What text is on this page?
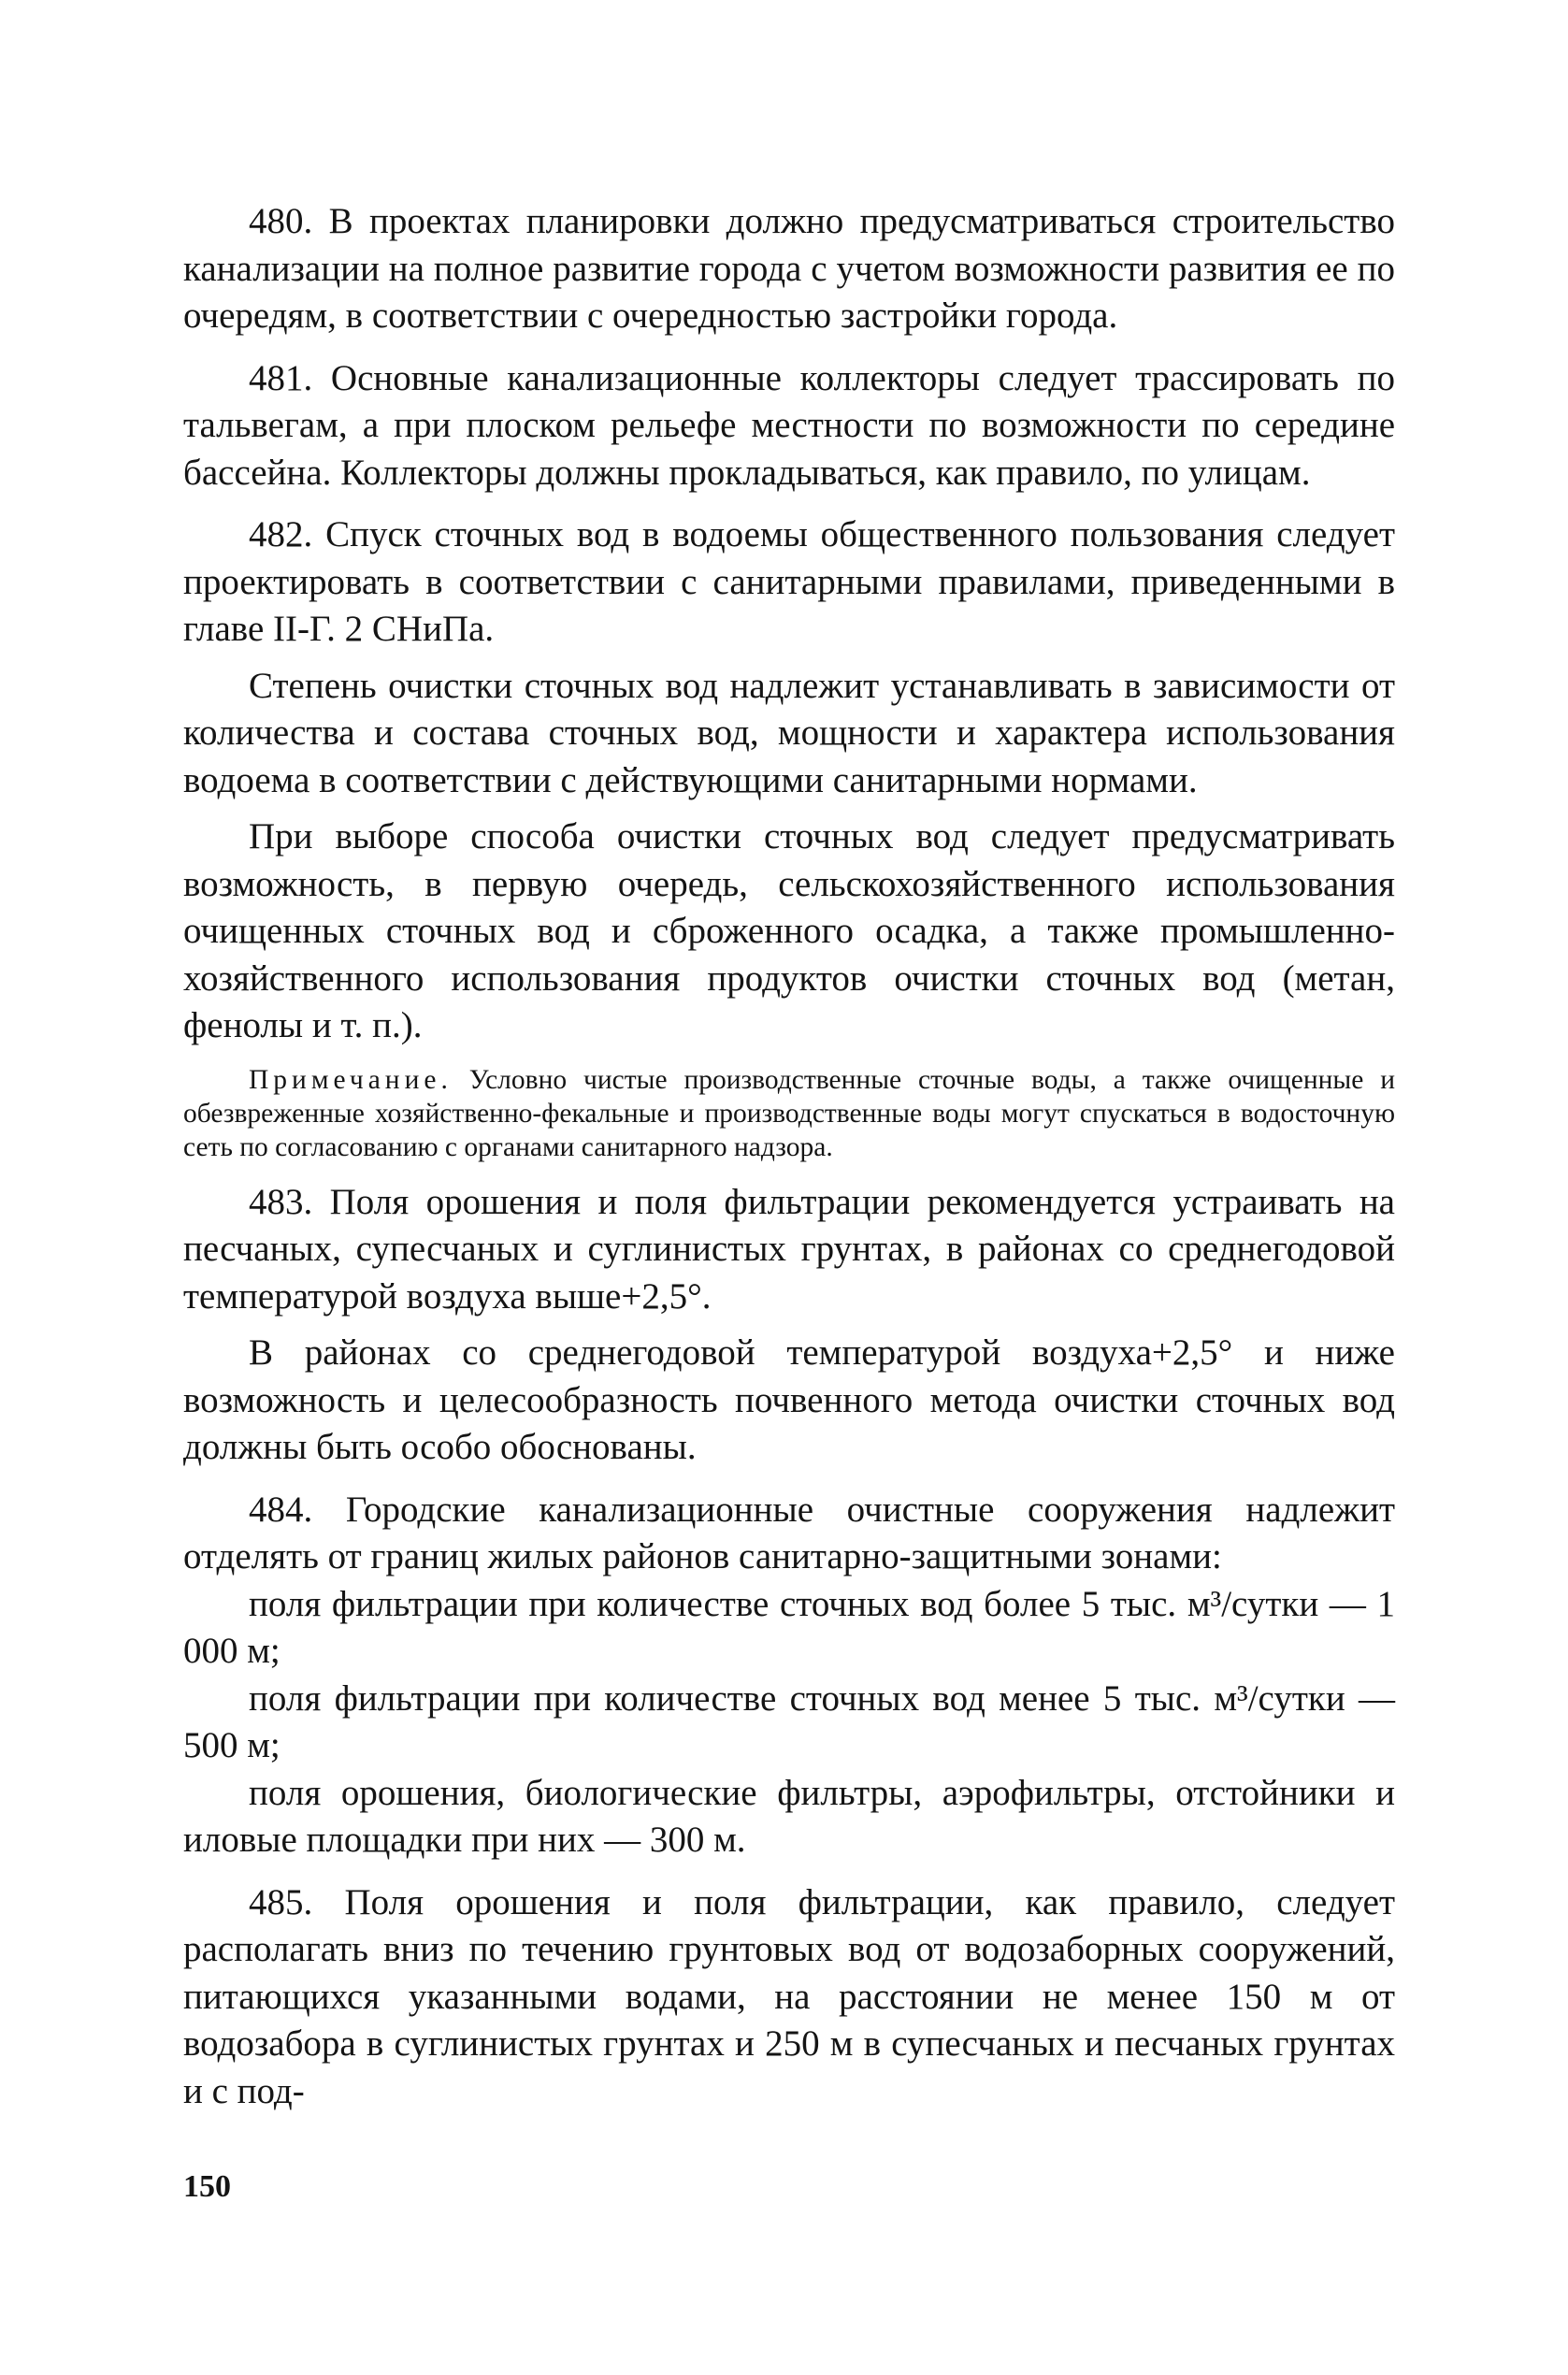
480. В проектах планировки должно предусматриваться строительство канализации на полное развитие города с учетом возможности развития ее по очередям, в соответствии с очередностью застройки города.

481. Основные канализационные коллекторы следует трассировать по тальвегам, а при плоском рельефе местности по возможности по середине бассейна. Коллекторы должны прокладываться, как правило, по улицам.

482. Спуск сточных вод в водоемы общественного пользования следует проектировать в соответствии с санитарными правилами, приведенными в главе II-Г. 2 СНиПа.

Степень очистки сточных вод надлежит устанавливать в зависимости от количества и состава сточных вод, мощности и характера использования водоема в соответствии с действующими санитарными нормами.

При выборе способа очистки сточных вод следует предусматривать возможность, в первую очередь, сельскохозяйственного использования очищенных сточных вод и сброженного осадка, а также промышленно-хозяйственного использования продуктов очистки сточных вод (метан, фенолы и т. п.).

Примечание. Условно чистые производственные сточные воды, а также очищенные и обезвреженные хозяйственно-фекальные и производственные воды могут спускаться в водосточную сеть по согласованию с органами санитарного надзора.

483. Поля орошения и поля фильтрации рекомендуется устраивать на песчаных, супесчаных и суглинистых грунтах, в районах со среднегодовой температурой воздуха выше+2,5°.

В районах со среднегодовой температурой воздуха+2,5° и ниже возможность и целесообразность почвенного метода очистки сточных вод должны быть особо обоснованы.

484. Городские канализационные очистные сооружения надлежит отделять от границ жилых районов санитарно-защитными зонами:

поля фильтрации при количестве сточных вод более 5 тыс. м³/сутки — 1 000 м;

поля фильтрации при количестве сточных вод менее 5 тыс. м³/сутки — 500 м;

поля орошения, биологические фильтры, аэрофильтры, отстойники и иловые площадки при них — 300 м.

485. Поля орошения и поля фильтрации, как правило, следует располагать вниз по течению грунтовых вод от водозаборных сооружений, питающихся указанными водами, на расстоянии не менее 150 м от водозабора в суглинистых грунтах и 250 м в супесчаных и песчаных грунтах и с под-

150
